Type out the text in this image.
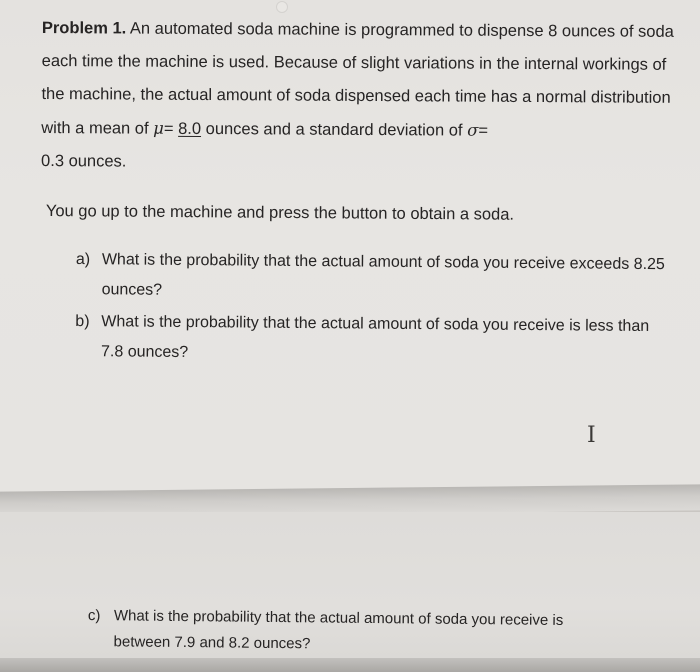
Problem 1. An automated soda machine is programmed to dispense 8 ounces of soda each time the machine is used. Because of slight variations in the internal workings of the machine, the actual amount of soda dispensed each time has a normal distribution with a mean of μ= 8.0 ounces and a standard deviation of σ=
0.3 ounces.
You go up to the machine and press the button to obtain a soda.
a) What is the probability that the actual amount of soda you receive exceeds 8.25 ounces?
b) What is the probability that the actual amount of soda you receive is less than 7.8 ounces?
I
c) What is the probability that the actual amount of soda you receive is between 7.9 and 8.2 ounces?
